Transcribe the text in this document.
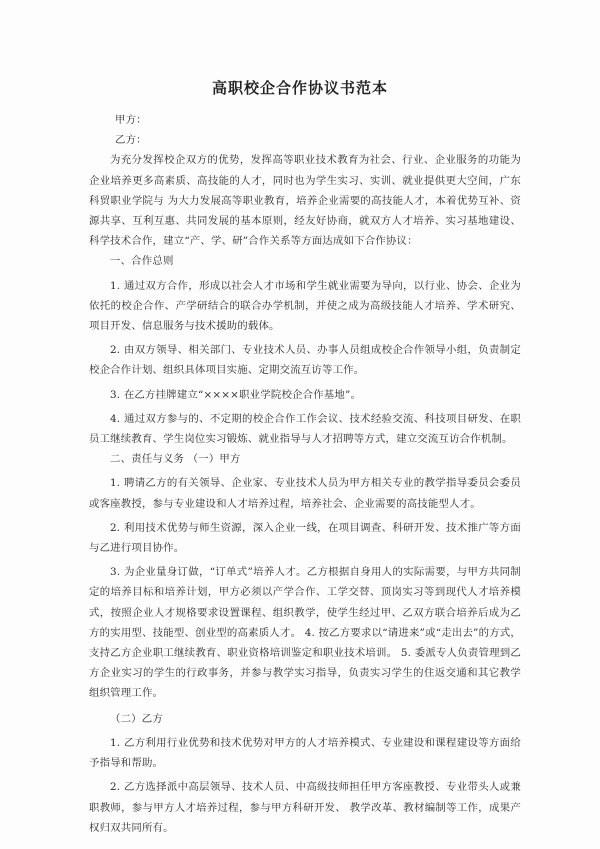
高职校企合作协议书范本

甲方：

乙方：

为充分发挥校企双方的优势，发挥高等职业技术教育为社会、行业、企业服务的功能为企业培养更多高素质、高技能的人才，同时也为学生实习、实训、就业提供更大空间，广东科贸职业学院与 为大力发展高等职业教育，培养企业需要的高技能人才，本着优势互补、资源共享、互利互惠、共同发展的基本原则，经友好协商，就双方人才培养、实习基地建设、科学技术合作，建立“产、学、研”合作关系等方面达成如下合作协议：

一、合作总则

1. 通过双方合作，形成以社会人才市场和学生就业需要为导向，以行业、协会、企业为依托的校企合作、产学研结合的联合办学机制，并使之成为高级技能人才培养、学术研究、项目开发、信息服务与技术援助的载体。

2. 由双方领导、相关部门、专业技术人员、办事人员组成校企合作领导小组，负责制定校企合作计划、组织具体项目实施、定期交流互访等工作。

3. 在乙方挂牌建立“××××职业学院校企合作基地”。

4. 通过双方参与的、不定期的校企合作工作会议、技术经验交流、科技项目研发、在职员工继续教育、学生岗位实习锻炼、就业指导与人才招聘等方式，建立交流互访合作机制。

二、责任与义务 （一）甲方

1. 聘请乙方的有关领导、企业家、专业技术人员为甲方相关专业的教学指导委员会委员或客座教授，参与专业建设和人才培养过程，培养社会、企业需要的高技能型人才。

2. 利用技术优势与师生资源，深入企业一线，在项目调查、科研开发、技术推广等方面与乙进行项目协作。

3. 为企业量身订做，“订单式”培养人才。乙方根据自身用人的实际需要，与甲方共同制定的培养目标和培养计划，甲方必须以产学合作、工学交替、顶岗实习等到现代人才培养模式，按照企业人才规格要求设置课程、组织教学，使学生经过甲、乙双方联合培养后成为乙方的实用型、技能型、创业型的高素质人才。 4. 按乙方要求以“请进来”或“走出去”的方式， 支持乙方企业职工继续教育、职业资格培训鉴定和职业技术培训。 5. 委派专人负责管理到乙方企业实习的学生的行政事务，并参与教学实习指导，负责实习学生的住返交通和其它教学组织管理工作。

（二）乙方

1. 乙方利用行业优势和技术优势对甲方的人才培养模式、专业建设和课程建设等方面给予指导和帮助。

2. 乙方选择派中高层领导、技术人员、中高级技师担任甲方客座教授、专业带头人或兼职教师，参与甲方人才培养过程，参与甲方科研开发、 教学改革、教材编制等工作，成果产权归双共同所有。
